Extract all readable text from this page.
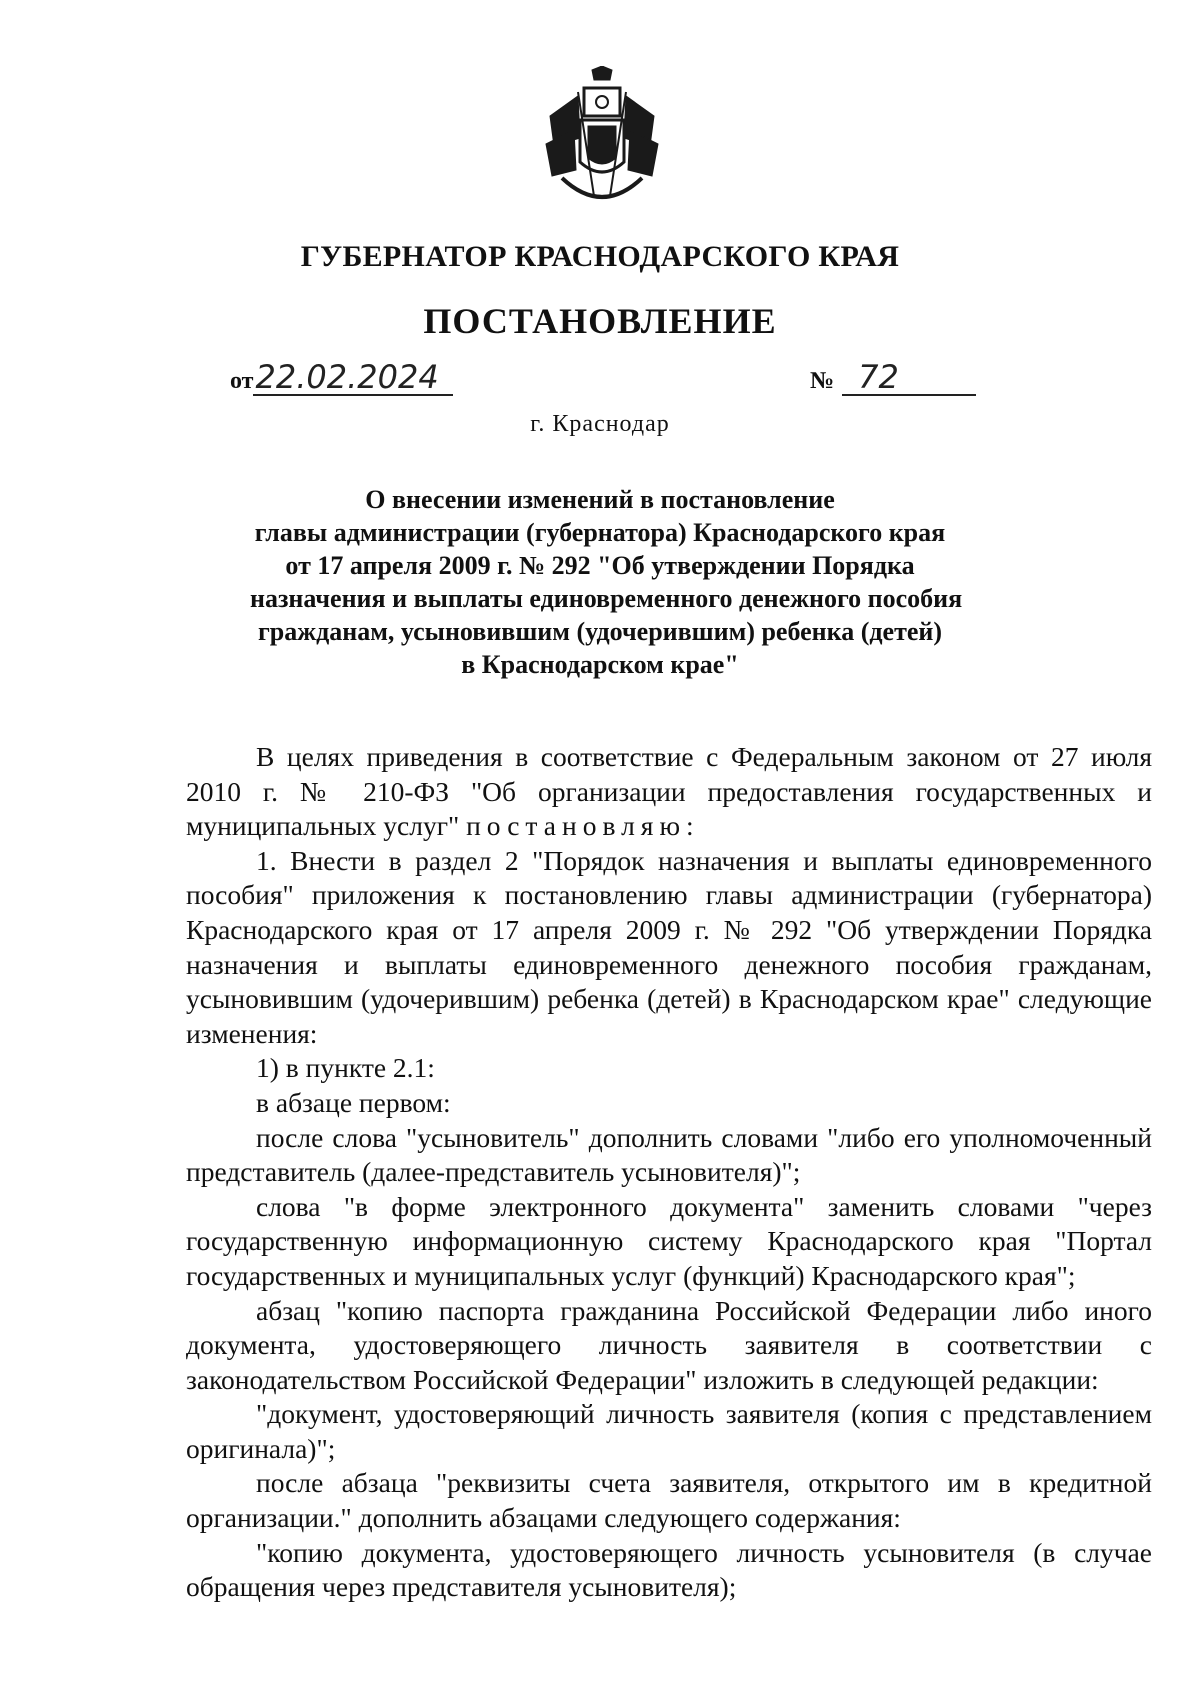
ГУБЕРНАТОР КРАСНОДАРСКОГО КРАЯ
ПОСТАНОВЛЕНИЕ
от22.02.2024	№ 72
г. Краснодар
О внесении изменений в постановление
главы администрации (губернатора) Краснодарского края
от 17 апреля 2009 г. № 292 "Об утверждении Порядка
назначения и выплаты единовременного денежного пособия
гражданам, усыновившим (удочерившим) ребенка (детей)
в Краснодарском крае"

В целях приведения в соответствие с Федеральным законом от 27 июля 2010 г. № 210-ФЗ "Об организации предоставления государственных и муниципальных услуг" постановляю:

1. Внести в раздел 2 "Порядок назначения и выплаты единовременного пособия" приложения к постановлению главы администрации (губернатора) Краснодарского края от 17 апреля 2009 г. № 292 "Об утверждении Порядка назначения и выплаты единовременного денежного пособия гражданам, усыновившим (удочерившим) ребенка (детей) в Краснодарском крае" следующие изменения:

1) в пункте 2.1:

в абзаце первом:

после слова "усыновитель" дополнить словами "либо его уполномоченный представитель (далее-представитель усыновителя)";

слова "в форме электронного документа" заменить словами "через государственную информационную систему Краснодарского края "Портал государственных и муниципальных услуг (функций) Краснодарского края";

абзац "копию паспорта гражданина Российской Федерации либо иного документа, удостоверяющего личность заявителя в соответствии с законодательством Российской Федерации" изложить в следующей редакции:

"документ, удостоверяющий личность заявителя (копия с представлением оригинала)";

после абзаца "реквизиты счета заявителя, открытого им в кредитной организации." дополнить абзацами следующего содержания:

"копию документа, удостоверяющего личность усыновителя (в случае обращения через представителя усыновителя);
